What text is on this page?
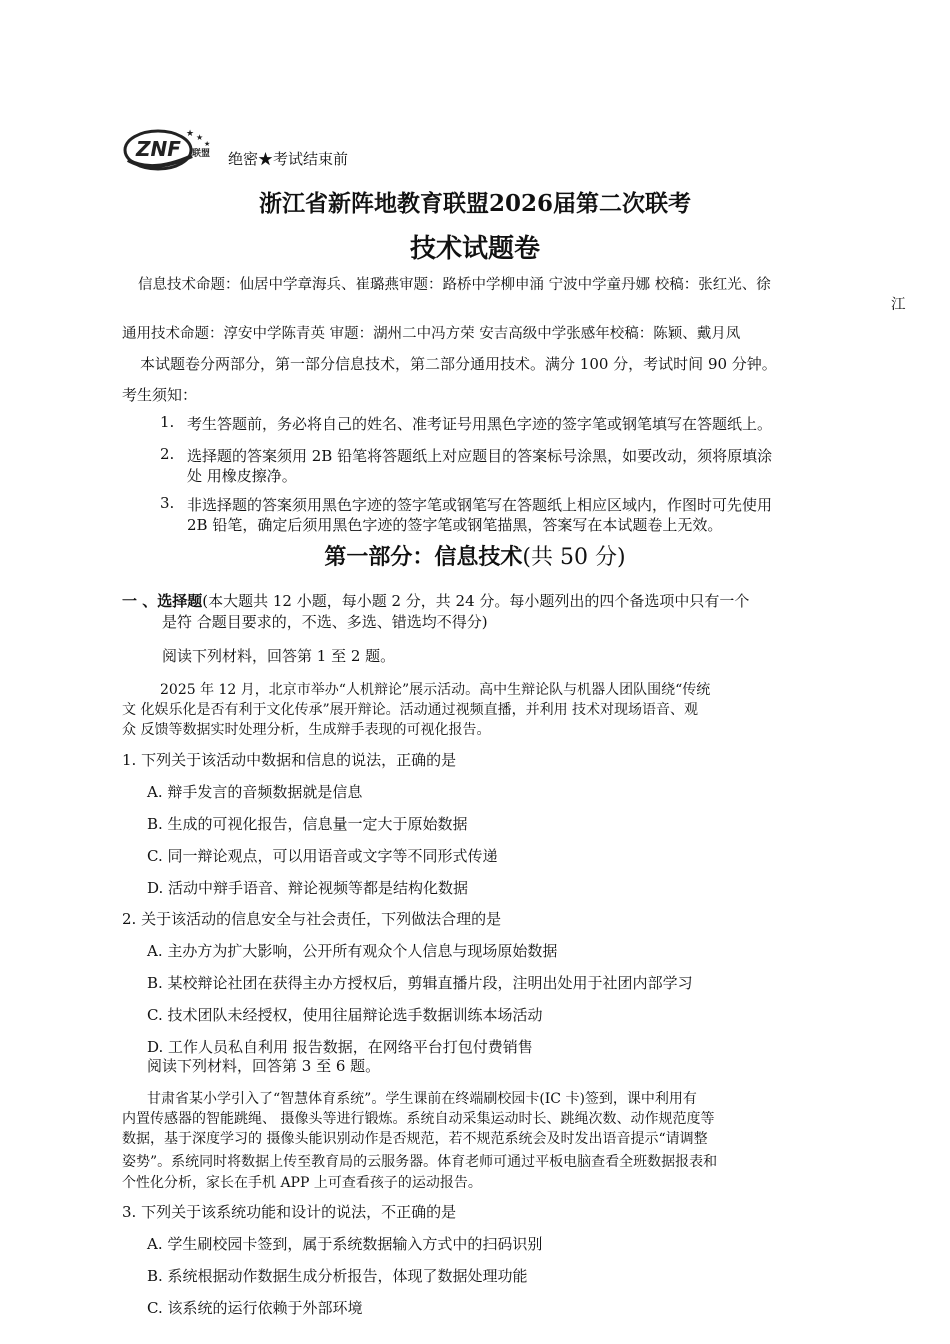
ZNF 联盟
★ ★
★
绝密★考试结束前
浙江省新阵地教育联盟2026届第二次联考
技术试题卷
信息技术命题：仙居中学章海兵、崔璐燕审题：路桥中学柳申涌 宁波中学童丹娜 校稿：张红光、徐
江
通用技术命题：淳安中学陈青英 审题：湖州二中冯方荣 安吉高级中学张感年校稿：陈颖、戴月凤
本试题卷分两部分，第一部分信息技术，第二部分通用技术。满分 100 分，考试时间 90 分钟。
考生须知：
1. 考生答题前，务必将自己的姓名、准考证号用黑色字迹的签字笔或钢笔填写在答题纸上。
2. 选择题的答案须用 2B 铅笔将答题纸上对应题目的答案标号涂黑，如要改动，须将原填涂
处 用橡皮擦净。
3. 非选择题的答案须用黑色字迹的签字笔或钢笔写在答题纸上相应区域内，作图时可先使用
2B 铅笔，确定后须用黑色字迹的签字笔或钢笔描黑，答案写在本试题卷上无效。
第一部分：信息技术(共 50 分)
一 、选择题(本大题共 12 小题，每小题 2 分，共 24 分。每小题列出的四个备选项中只有一个
是符 合题目要求的，不选、多选、错选均不得分)
阅读下列材料，回答第 1 至 2 题。
2025 年 12 月，北京市举办“人机辩论”展示活动。高中生辩论队与机器人团队围绕“传统
文 化娱乐化是否有利于文化传承”展开辩论。活动通过视频直播，并利用 技术对现场语音、观
众 反馈等数据实时处理分析，生成辩手表现的可视化报告。
1. 下列关于该活动中数据和信息的说法，正确的是
A. 辩手发言的音频数据就是信息
B. 生成的可视化报告，信息量一定大于原始数据
C. 同一辩论观点，可以用语音或文字等不同形式传递
D. 活动中辩手语音、辩论视频等都是结构化数据
2. 关于该活动的信息安全与社会责任，下列做法合理的是
A. 主办方为扩大影响，公开所有观众个人信息与现场原始数据
B. 某校辩论社团在获得主办方授权后，剪辑直播片段，注明出处用于社团内部学习
C. 技术团队未经授权，使用往届辩论选手数据训练本场活动
D. 工作人员私自利用 报告数据，在网络平台打包付费销售
阅读下列材料，回答第 3 至 6 题。
甘肃省某小学引入了“智慧体育系统”。学生课前在终端刷校园卡(IC 卡)签到，课中利用有
内置传感器的智能跳绳、 摄像头等进行锻炼。系统自动采集运动时长、跳绳次数、动作规范度等
数据，基于深度学习的 摄像头能识别动作是否规范，若不规范系统会及时发出语音提示“请调整
姿势”。系统同时将数据上传至教育局的云服务器。体育老师可通过平板电脑查看全班数据报表和
个性化分析，家长在手机 APP 上可查看孩子的运动报告。
3. 下列关于该系统功能和设计的说法，不正确的是
A. 学生刷校园卡签到，属于系统数据输入方式中的扫码识别
B. 系统根据动作数据生成分析报告，体现了数据处理功能
C. 该系统的运行依赖于外部环境
